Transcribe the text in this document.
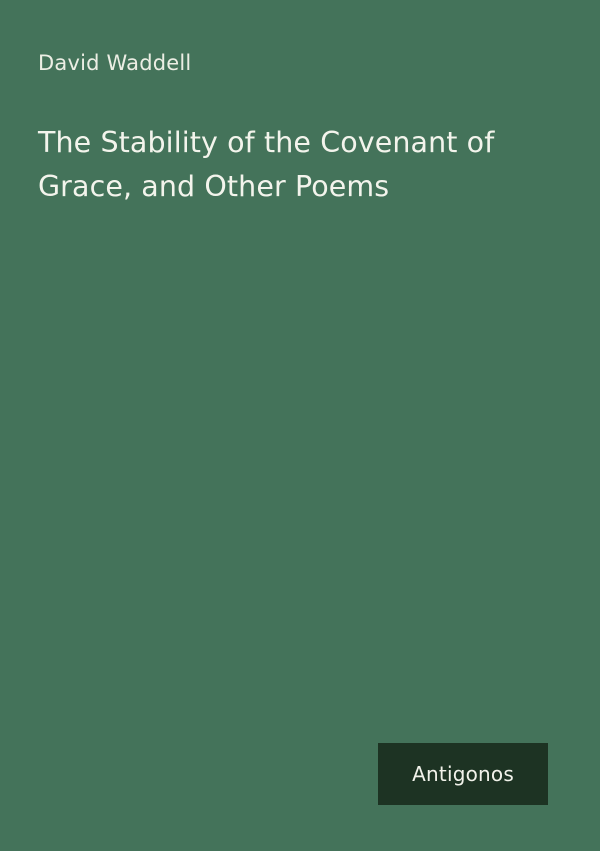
David Waddell
The Stability of the Covenant of Grace, and Other Poems
Antigonos
